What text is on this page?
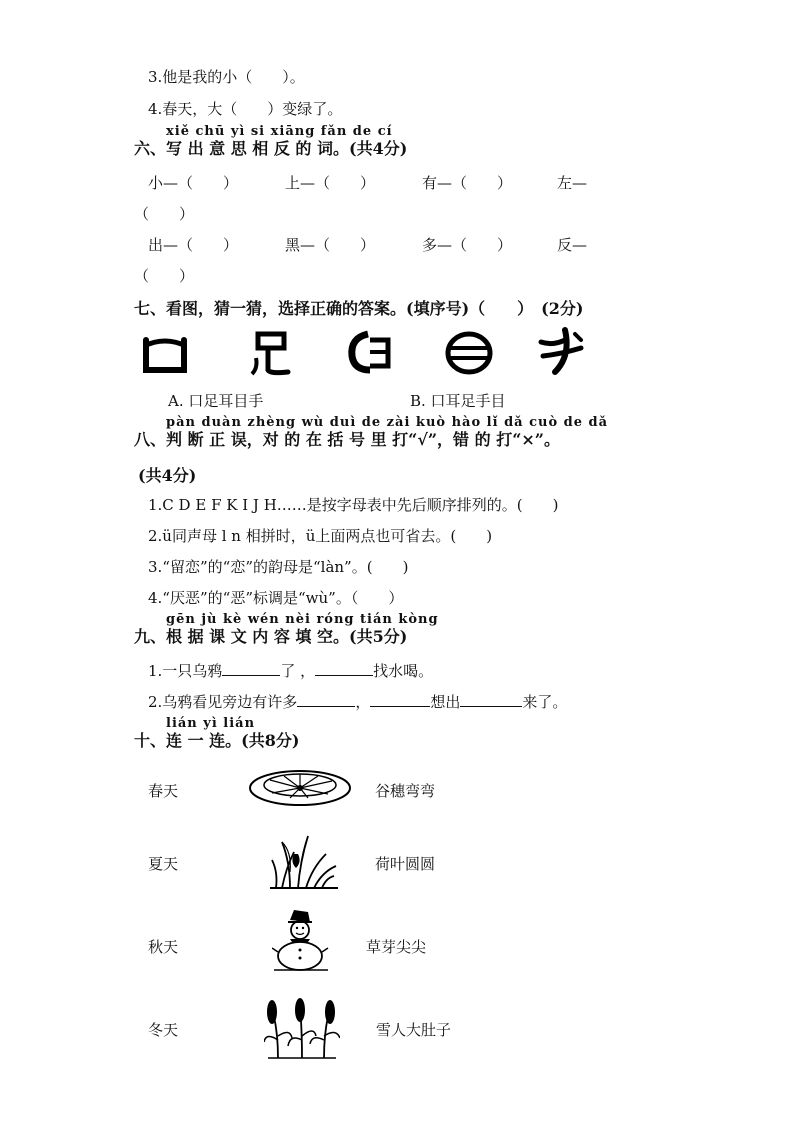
3.他是我的小（　　）。
4.春天，大（　　）变绿了。
xiě chū yì si xiāng fǎn de cí
六、写 出 意 思 相 反 的 词。(共4分)
小—（　　）	上—（　　）	有—（　　）	左—
（　　）
出—（　　）	黑—（　　）	多—（　　）	反—
（　　）
七、看图，猜一猜，选择正确的答案。(填序号)（　　）　(2分)
A. 口足耳目手	B. 口耳足手目
pàn duàn zhèng wù duì de zài kuò hào lǐ dǎ cuò de dǎ
八、判 断 正 误，对 的 在 括 号 里 打“√”，错 的 打“×”。
(共4分)
1.C D E F K I J H……是按字母表中先后顺序排列的。(　　)
2.ü同声母 l n 相拼时，ü上面两点也可省去。(　　)
3.“留恋”的“恋”的韵母是“làn”。(　　)
4.“厌恶”的“恶”标调是“wù”。（　　）
gēn jù kè wén nèi róng tián kòng
九、根 据 课 文 内 容 填 空。(共5分)
1.一只乌鸦	了 ，	找水喝。
2.乌鸦看见旁边有许多	，	想出	来了。
lián yì lián
十、连 一 连。(共8分)
春天
夏天
秋天
冬天
谷穗弯弯
荷叶圆圆
草芽尖尖
雪人大肚子
